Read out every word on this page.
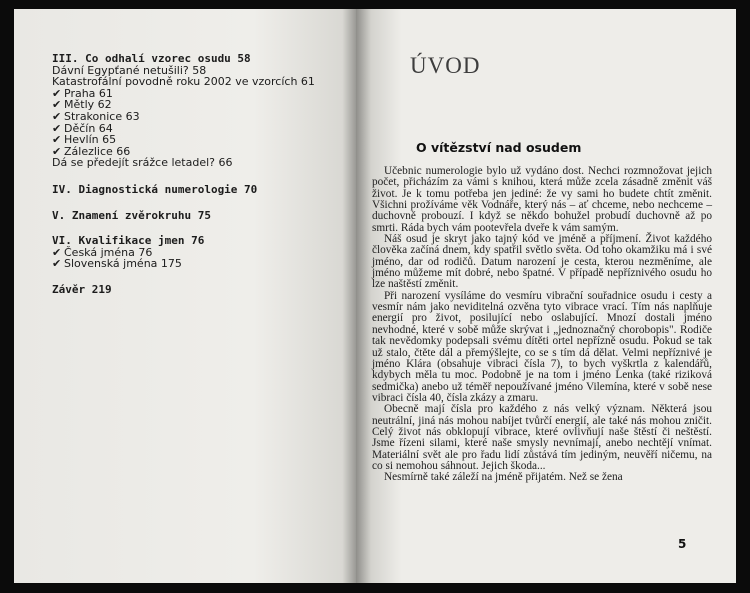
III. Co odhalí vzorec osudu 58
Dávní Egypťané netušili? 58
Katastrofální povodně roku 2002 ve vzorcích 61
✔ Praha 61
✔ Mětly 62
✔ Strakonice 63
✔ Děčín 64
✔ Hevlín 65
✔ Zálezlice 66
Dá se předejít srážce letadel? 66
IV. Diagnostická numerologie 70
V. Znamení zvěrokruhu 75
VI. Kvalifikace jmen 76
✔ Česká jména 76
✔ Slovenská jména 175
Závěr 219
ÚVOD
O vítězství nad osudem

Učebnic numerologie bylo už vydáno dost. Nechci rozmnožovat jejich počet, přicházím za vámi s knihou, která může zcela zásadně změnit váš život. Je k tomu potřeba jen jediné: že vy sami ho budete chtít změnit. Všichni prožíváme věk Vodnáře, který nás – ať chceme, nebo nechceme – duchovně probouzí. I když se někdo bohužel probudí duchovně až po smrti. Ráda bych vám pootevřela dveře k vám samým.

Náš osud je skryt jako tajný kód ve jméně a příjmení. Život každého člověka začíná dnem, kdy spatřil světlo světa. Od toho okamžiku má i své jméno, dar od rodičů. Datum narození je cesta, kterou nezměníme, ale jméno můžeme mít dobré, nebo špatné. V případě nepříznivého osudu ho lze naštěstí změnit.

Při narození vysíláme do vesmíru vibrační souřadnice osudu i cesty a vesmír nám jako neviditelná ozvěna tyto vibrace vrací. Tím nás naplňuje energií pro život, posilující nebo oslabující. Mnozí dostali jméno nevhodné, které v sobě může skrývat i „jednoznačný chorobopis". Rodiče tak nevědomky podepsali svému dítěti ortel nepřízně osudu. Pokud se tak už stalo, čtěte dál a přemýšlejte, co se s tím dá dělat. Velmi nepříznivé je jméno Klára (obsahuje vibraci čísla 7), to bych vyškrtla z kalendářů, kdybych měla tu moc. Podobně je na tom i jméno Lenka (také riziková sedmička) anebo už téměř nepoužívané jméno Vilemína, které v sobě nese vibraci čísla 40, čísla zkázy a zmaru.

Obecně mají čísla pro každého z nás velký význam. Některá jsou neutrální, jiná nás mohou nabíjet tvůrčí energií, ale také nás mohou zničit. Celý život nás obklopují vibrace, které ovlivňují naše štěstí či neštěstí. Jsme řízeni silami, které naše smysly nevnímají, anebo nechtějí vnímat. Materiální svět ale pro řadu lidí zůstává tím jediným, neuvěří ničemu, na co si nemohou sáhnout. Jejich škoda...

Nesmírně také záleží na jméně přijatém. Než se žena

5
